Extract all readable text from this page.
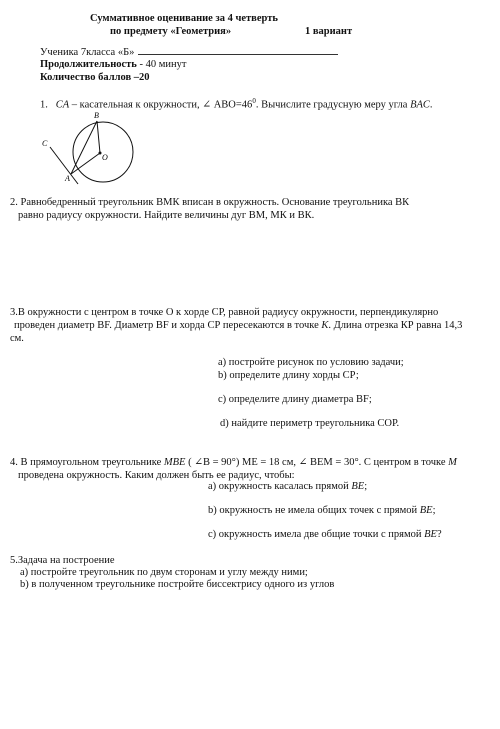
Суммативное оценивание за 4 четверть
по предмету «Геометрия»	1 вариант
Ученика 7класса «Б»
Продолжительность - 40 минут
Количество баллов –20
1. CA – касательная к окружности, ∠ $ABO=46^0$. Вычислите градусную меру угла BAC.
B
C
O
A
2. Равнобедренный треугольник ВМК вписан в окружность. Основание треугольника ВК
равно радиусу окружности. Найдите величины дуг ВМ, МК и ВК.
3.В окружности с центром в точке О к хорде СР, равной радиусу окружности, перпендикулярно
проведен диаметр ВF. Диаметр ВF и хорда СР пересекаются в точке K. Длина отрезка КР равна 14,3
см.
а) постройте рисунок по условию задачи;
b) определите длину хорды СР;
с) определите длину диаметра ВF;
d) найдите периметр треугольника СОР.
4. В прямоугольном треугольнике MBE ( ∠B = 90°) ME = 18 см, ∠ BEM = 30°. С центром в точке M
проведена окружность. Каким должен быть ее радиус, чтобы:
а) окружность касалась прямой ВЕ;
b) окружность не имела общих точек с прямой ВЕ;
с) окружность имела две общие точки с прямой ВЕ?
5.Задача на построение
а) постройте треугольник по двум сторонам и углу между ними;
b) в полученном треугольнике постройте биссектрису одного из углов
